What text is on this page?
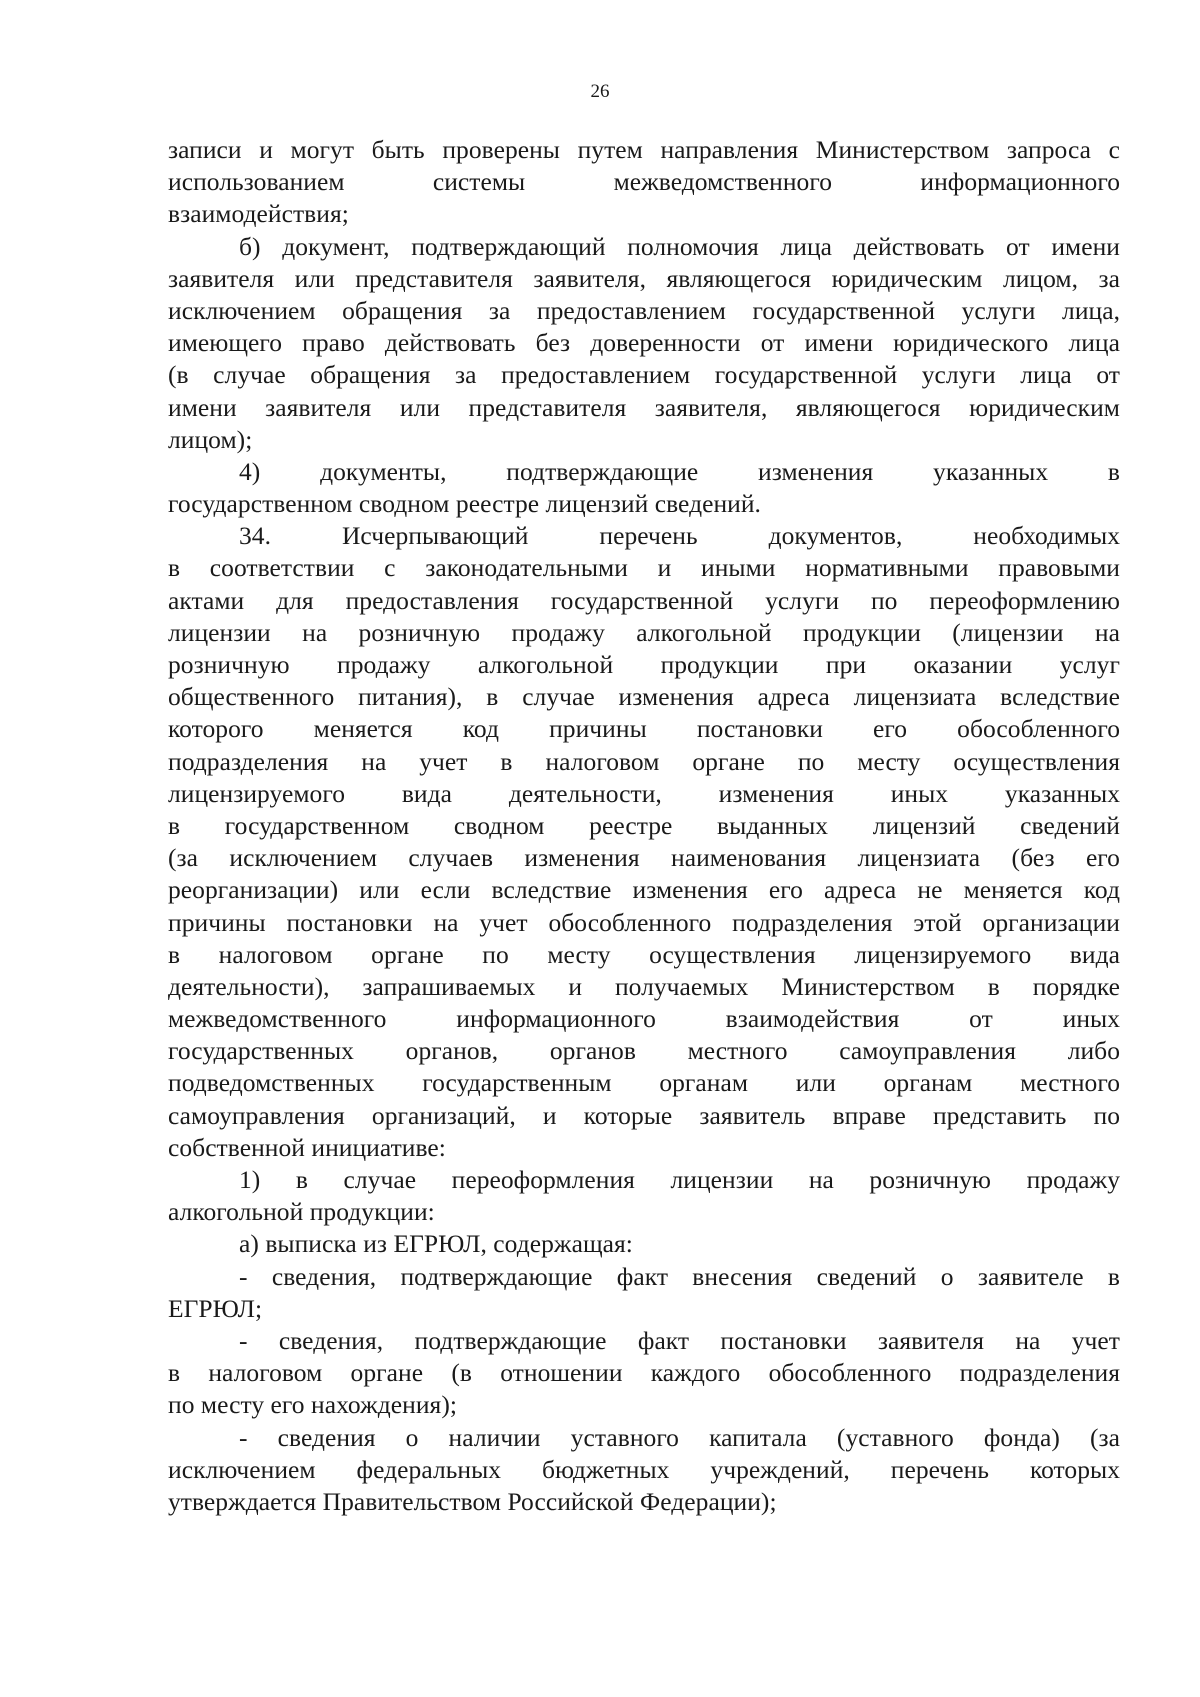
26
записи и могут быть проверены путем направления Министерством запроса с
использованием системы межведомственного информационного
взаимодействия;
б) документ, подтверждающий полномочия лица действовать от имени
заявителя или представителя заявителя, являющегося юридическим лицом, за
исключением обращения за предоставлением государственной услуги лица,
имеющего право действовать без доверенности от имени юридического лица
(в случае обращения за предоставлением государственной услуги лица от
имени заявителя или представителя заявителя, являющегося юридическим
лицом);
4) документы, подтверждающие изменения указанных в
государственном сводном реестре лицензий сведений.
34. Исчерпывающий перечень документов, необходимых
в соответствии с законодательными и иными нормативными правовыми
актами для предоставления государственной услуги по переоформлению
лицензии на розничную продажу алкогольной продукции (лицензии на
розничную продажу алкогольной продукции при оказании услуг
общественного питания), в случае изменения адреса лицензиата вследствие
которого меняется код причины постановки его обособленного
подразделения на учет в налоговом органе по месту осуществления
лицензируемого вида деятельности, изменения иных указанных
в государственном сводном реестре выданных лицензий сведений
(за исключением случаев изменения наименования лицензиата (без его
реорганизации) или если вследствие изменения его адреса не меняется код
причины постановки на учет обособленного подразделения этой организации
в налоговом органе по месту осуществления лицензируемого вида
деятельности), запрашиваемых и получаемых Министерством в порядке
межведомственного информационного взаимодействия от иных
государственных органов, органов местного самоуправления либо
подведомственных государственным органам или органам местного
самоуправления организаций, и которые заявитель вправе представить по
собственной инициативе:
1) в случае переоформления лицензии на розничную продажу
алкогольной продукции:
а) выписка из ЕГРЮЛ, содержащая:
- сведения, подтверждающие факт внесения сведений о заявителе в
ЕГРЮЛ;
- сведения, подтверждающие факт постановки заявителя на учет
в налоговом органе (в отношении каждого обособленного подразделения
по месту его нахождения);
- сведения о наличии уставного капитала (уставного фонда) (за
исключением федеральных бюджетных учреждений, перечень которых
утверждается Правительством Российской Федерации);
